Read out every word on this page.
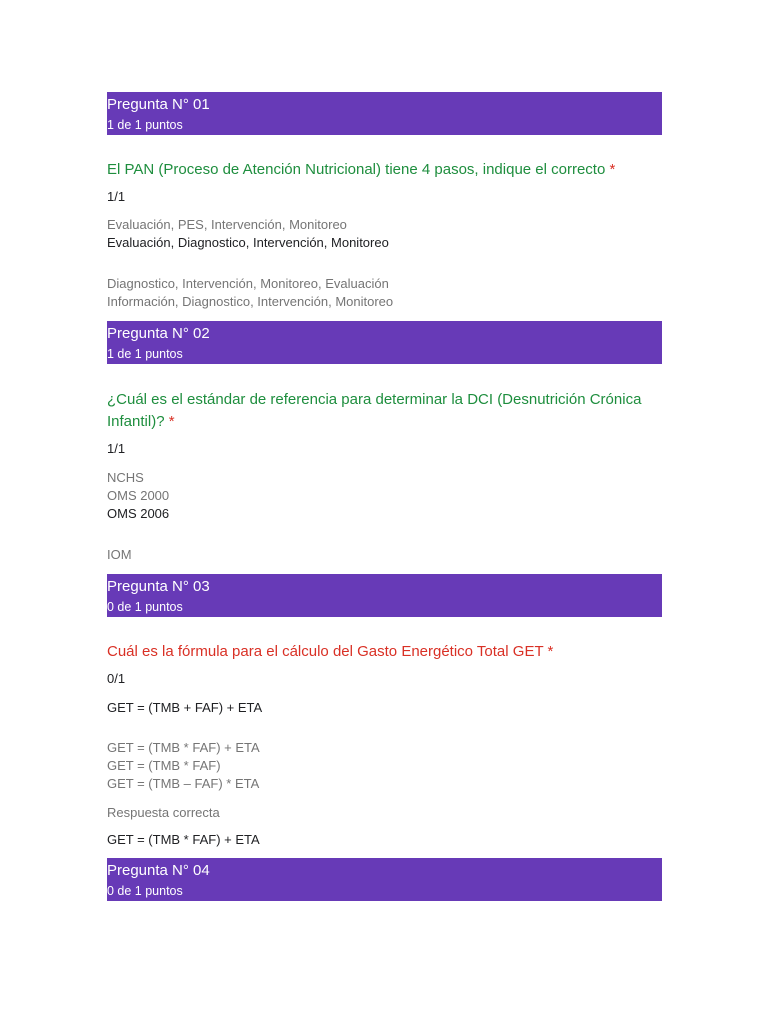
Pregunta N° 01
1 de 1 puntos
El PAN (Proceso de Atención Nutricional) tiene 4 pasos, indique el correcto *
1/1
Evaluación, PES, Intervención, Monitoreo
Evaluación, Diagnostico, Intervención, Monitoreo
Diagnostico, Intervención, Monitoreo, Evaluación
Información, Diagnostico, Intervención, Monitoreo
Pregunta N° 02
1 de 1 puntos
¿Cuál es el estándar de referencia para determinar la DCI (Desnutrición Crónica Infantil)? *
1/1
NCHS
OMS 2000
OMS 2006
IOM
Pregunta N° 03
0 de 1 puntos
Cuál es la fórmula para el cálculo del Gasto Energético Total GET *
0/1
GET = (TMB + FAF) + ETA
GET = (TMB * FAF) + ETA
GET = (TMB * FAF)
GET = (TMB – FAF) * ETA
Respuesta correcta
GET = (TMB * FAF) + ETA
Pregunta N° 04
0 de 1 puntos
